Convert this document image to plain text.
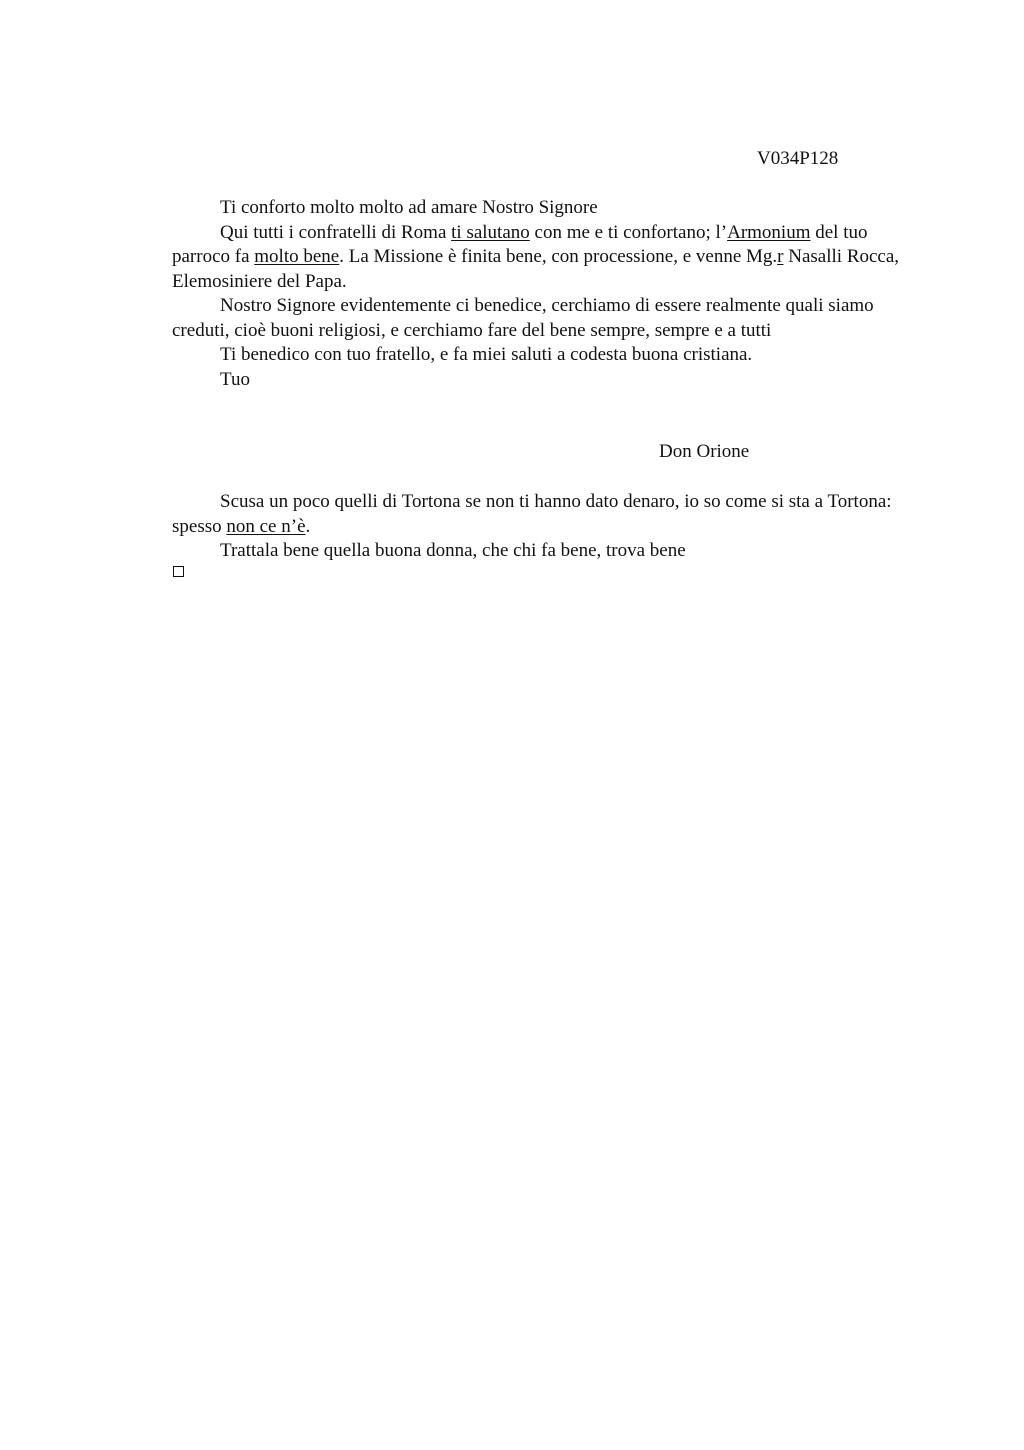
V034P128

Ti conforto molto molto ad amare Nostro Signore

Qui tutti i confratelli di Roma ti salutano con me e ti confortano; l’Armonium del tuo parroco fa molto bene. La Missione è finita bene, con processione, e venne Mg.r Nasalli Rocca, Elemosiniere del Papa.

Nostro Signore evidentemente ci benedice, cerchiamo di essere realmente quali siamo creduti, cioè buoni religiosi, e cerchiamo fare del bene sempre, sempre e a tutti

Ti benedico con tuo fratello, e fa miei saluti a codesta buona cristiana.

Tuo

Don Orione

Scusa un poco quelli di Tortona se non ti hanno dato denaro, io so come si sta a Tortona: spesso non ce n’è.

Trattala bene quella buona donna, che chi fa bene, trova bene
